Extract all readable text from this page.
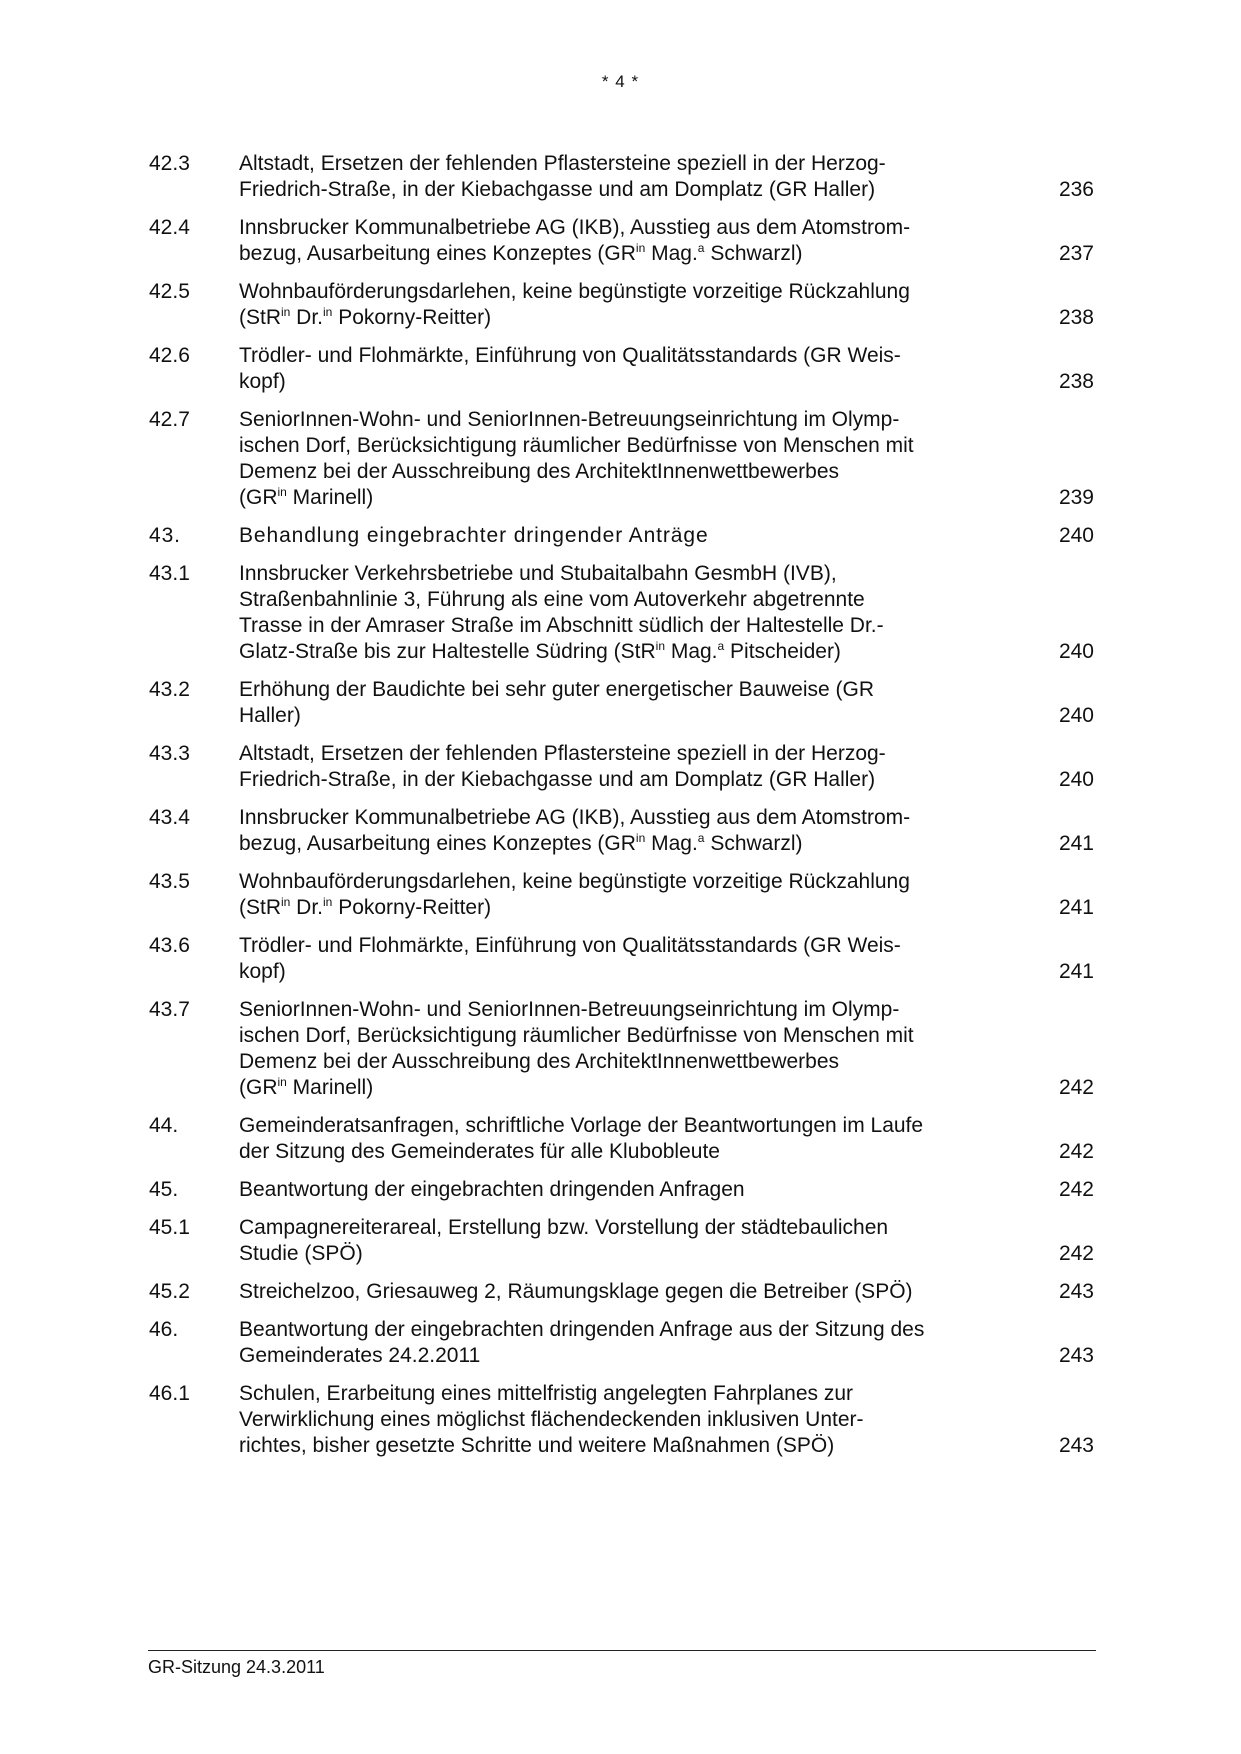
* 4 *
42.3	Altstadt, Ersetzen der fehlenden Pflastersteine speziell in der Herzog-
Friedrich-Straße, in der Kiebachgasse und am Domplatz (GR Haller)	236
42.4	Innsbrucker Kommunalbetriebe AG (IKB), Ausstieg aus dem Atomstrom-
bezug, Ausarbeitung eines Konzeptes ($GR^{in}$ Mag.$^a$ Schwarzl)	237
42.5	Wohnbauförderungsdarlehen, keine begünstigte vorzeitige Rückzahlung
(StR$^{in}$ Dr.$^{in}$ Pokorny-Reitter)	238
42.6	Trödler- und Flohmärkte, Einführung von Qualitätsstandards (GR Weis-
kopf)	238
42.7	SeniorInnen-Wohn- und SeniorInnen-Betreuungseinrichtung im Olymp-
ischen Dorf, Berücksichtigung räumlicher Bedürfnisse von Menschen mit
Demenz bei der Ausschreibung des ArchitektInnenwettbewerbes
($GR^{in}$ Marinell)	239
43.	Behandlung eingebrachter dringender Anträge	240
43.1	Innsbrucker Verkehrsbetriebe und Stubaitalbahn GesmbH (IVB),
Straßenbahnlinie 3, Führung als eine vom Autoverkehr abgetrennte
Trasse in der Amraser Straße im Abschnitt südlich der Haltestelle Dr.-
Glatz-Straße bis zur Haltestelle Südring (StR$^{in}$ Mag.$^a$ Pitscheider)	240
43.2	Erhöhung der Baudichte bei sehr guter energetischer Bauweise (GR
Haller)	240
43.3	Altstadt, Ersetzen der fehlenden Pflastersteine speziell in der Herzog-
Friedrich-Straße, in der Kiebachgasse und am Domplatz (GR Haller)	240
43.4	Innsbrucker Kommunalbetriebe AG (IKB), Ausstieg aus dem Atomstrom-
bezug, Ausarbeitung eines Konzeptes ($GR^{in}$ Mag.$^a$ Schwarzl)	241
43.5	Wohnbauförderungsdarlehen, keine begünstigte vorzeitige Rückzahlung
(StR$^{in}$ Dr.$^{in}$ Pokorny-Reitter)	241
43.6	Trödler- und Flohmärkte, Einführung von Qualitätsstandards (GR Weis-
kopf)	241
43.7	SeniorInnen-Wohn- und SeniorInnen-Betreuungseinrichtung im Olymp-
ischen Dorf, Berücksichtigung räumlicher Bedürfnisse von Menschen mit
Demenz bei der Ausschreibung des ArchitektInnenwettbewerbes
($GR^{in}$ Marinell)	242
44.	Gemeinderatsanfragen, schriftliche Vorlage der Beantwortungen im Laufe
der Sitzung des Gemeinderates für alle Klubobleute	242
45.	Beantwortung der eingebrachten dringenden Anfragen	242
45.1	Campagnereiterareal, Erstellung bzw. Vorstellung der städtebaulichen
Studie (SPÖ)	242
45.2	Streichelzoo, Griesauweg 2, Räumungsklage gegen die Betreiber (SPÖ)	243
46.	Beantwortung der eingebrachten dringenden Anfrage aus der Sitzung des
Gemeinderates 24.2.2011	243
46.1	Schulen, Erarbeitung eines mittelfristig angelegten Fahrplanes zur
Verwirklichung eines möglichst flächendeckenden inklusiven Unter-
richtes, bisher gesetzte Schritte und weitere Maßnahmen (SPÖ)	243
GR-Sitzung 24.3.2011
